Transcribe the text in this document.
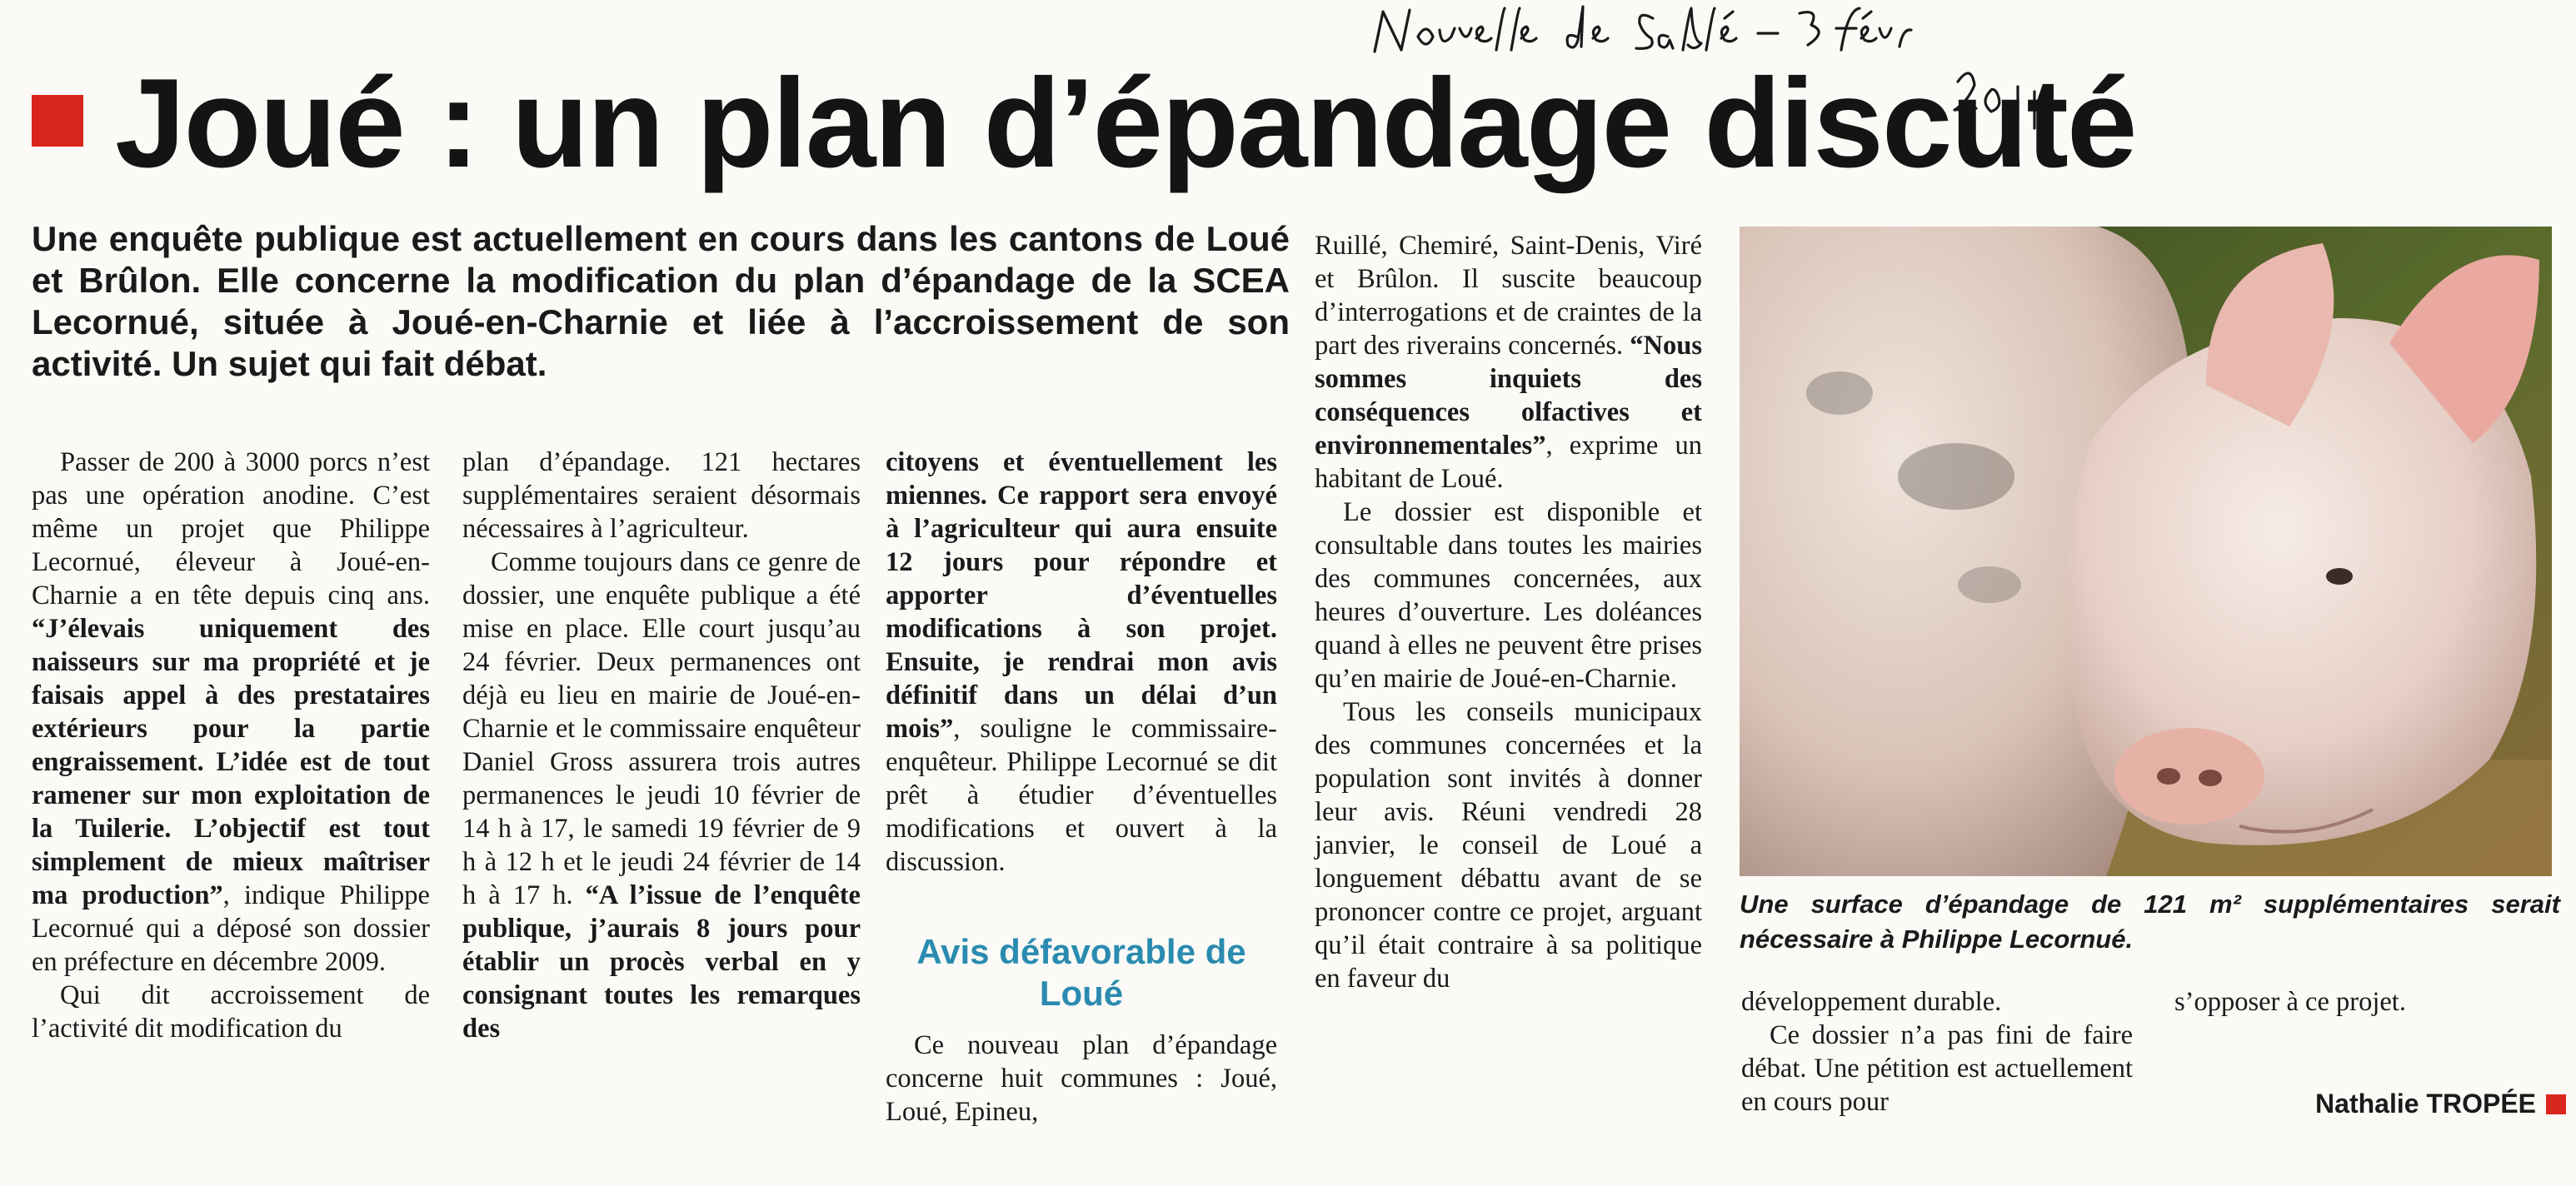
Joué : un plan d’épandage discuté
Une enquête publique est actuellement en cours dans les cantons de Loué et Brûlon. Elle concerne la modification du plan d’épandage de la SCEA Lecornué, située à Joué-en-Charnie et liée à l’accroissement de son activité. Un sujet qui fait débat.

Passer de 200 à 3000 porcs n’est pas une opération anodine. C’est même un projet que Philippe Lecornué, éleveur à Joué-en-Charnie a en tête depuis cinq ans. “J’élevais uniquement des naisseurs sur ma propriété et je faisais appel à des prestataires extérieurs pour la partie engraissement. L’idée est de tout ramener sur mon exploitation de la Tuilerie. L’objectif est tout simplement de mieux maîtriser ma production”, indique Philippe Lecornué qui a déposé son dossier en préfecture en décembre 2009.

Qui dit accroissement de l’activité dit modification du

plan d’épandage. 121 hectares supplémentaires seraient désormais nécessaires à l’agriculteur.

Comme toujours dans ce genre de dossier, une enquête publique a été mise en place. Elle court jusqu’au 24 février. Deux permanences ont déjà eu lieu en mairie de Joué-en-Charnie et le commissaire enquêteur Daniel Gross assurera trois autres permanences le jeudi 10 février de 14 h à 17, le samedi 19 février de 9 h à 12 h et le jeudi 24 février de 14 h à 17 h. “A l’issue de l’enquête publique, j’aurais 8 jours pour établir un procès verbal en y consignant toutes les remarques des

citoyens et éventuellement les miennes. Ce rapport sera envoyé à l’agriculteur qui aura ensuite 12 jours pour répondre et apporter d’éventuelles modifications à son projet. Ensuite, je rendrai mon avis définitif dans un délai d’un mois”, souligne le commissaire-enquêteur. Philippe Lecornué se dit prêt à étudier d’éventuelles modifications et ouvert à la discussion.

Avis défavorable de Loué

Ce nouveau plan d’épandage concerne huit communes : Joué, Loué, Epineu,

Ruillé, Chemiré, Saint-Denis, Viré et Brûlon. Il suscite beaucoup d’interrogations et de craintes de la part des riverains concernés. “Nous sommes inquiets des conséquences olfactives et environnementales”, exprime un habitant de Loué.

Le dossier est disponible et consultable dans toutes les mairies des communes concernées, aux heures d’ouverture. Les doléances quand à elles ne peuvent être prises qu’en mairie de Joué-en-Charnie.

Tous les conseils municipaux des communes concernées et la population sont invités à donner leur avis. Réuni vendredi 28 janvier, le conseil de Loué a longuement débattu avant de se prononcer contre ce projet, arguant qu’il était contraire à sa politique en faveur du

Une surface d’épandage de 121 m² supplémentaires serait nécessaire à Philippe Lecornué.

développement durable.

Ce dossier n’a pas fini de faire débat. Une pétition est actuellement en cours pour

s’opposer à ce projet.

Nathalie TROPÉE
